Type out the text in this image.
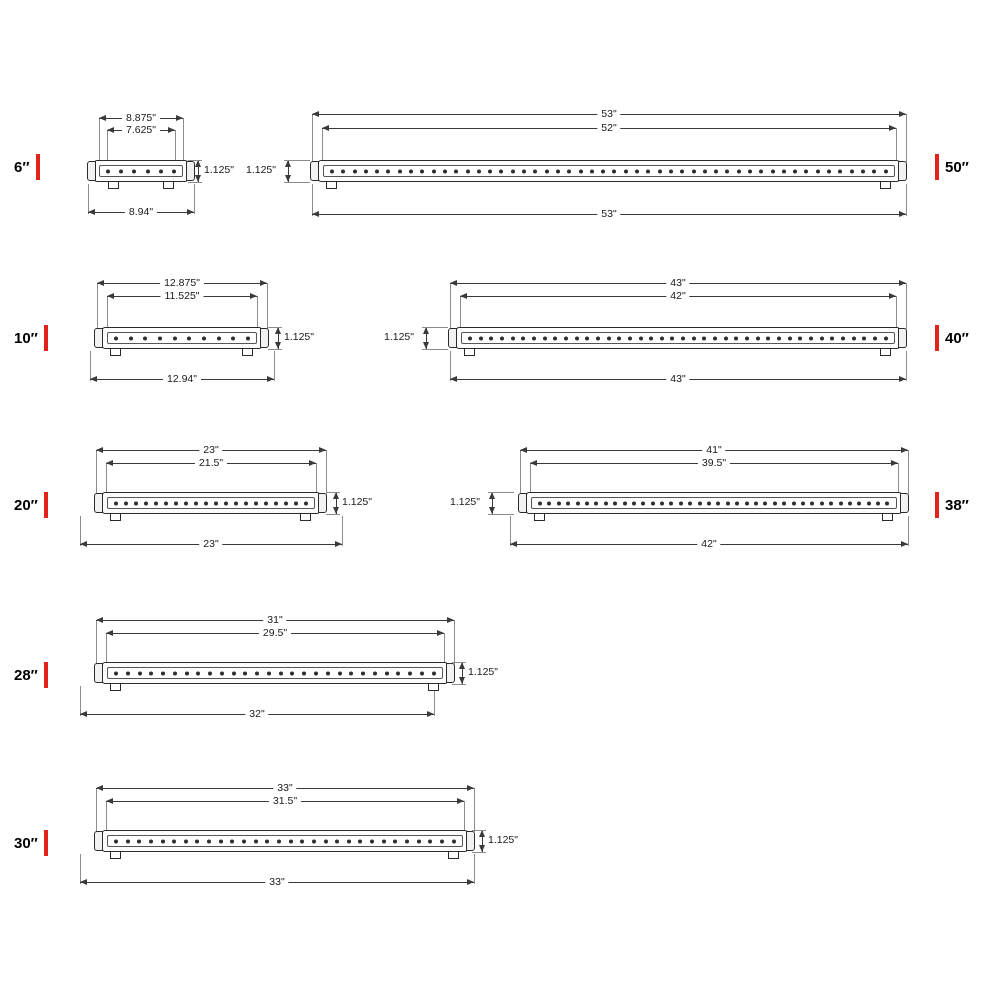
6″
8.875"
7.625"
8.94"
1.125"	50″
53"
52"
53"
1.125"
10″
12.875"
11.525"
12.94"
1.125"	40″
43"
42"
43"
1.125"
20″
23"
21.5"
23"
1.125"	38″
41"
39.5"
42"
1.125"
28″
31"
29.5"
32"
1.125"
30″
33"
31.5"
33"
1.125"
